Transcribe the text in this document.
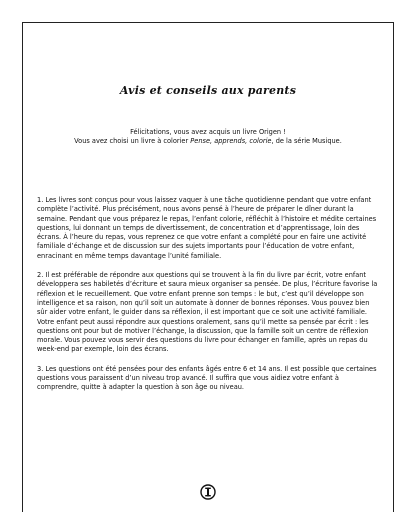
Avis et conseils aux parents

Félicitations, vous avez acquis un livre Origen !

Vous avez choisi un livre à colorier Pense, apprends, colorie, de la série Musique.

1. Les livres sont conçus pour vous laissez vaquer à une tâche quotidienne pendant que votre enfant complète l’activité. Plus précisément, nous avons pensé à l’heure de préparer le dîner durant la semaine. Pendant que vous préparez le repas, l’enfant colorie, réfléchit à l’histoire et médite certaines questions, lui donnant un temps de divertissement, de concentration et d’apprentissage, loin des écrans. À l’heure du repas, vous reprenez ce que votre enfant a complété pour en faire une activité familiale d’échange et de discussion sur des sujets importants pour l’éducation de votre enfant, enracinant en même temps davantage l’unité familiale.

2. Il est préférable de répondre aux questions qui se trouvent à la fin du livre par écrit, votre enfant développera ses habiletés d’écriture et saura mieux organiser sa pensée. De plus, l’écriture favorise la réflexion et le recueillement. Que votre enfant prenne son temps : le but, c’est qu’il développe son intelligence et sa raison, non qu’il soit un automate à donner de bonnes réponses. Vous pouvez bien sûr aider votre enfant, le guider dans sa réflexion, il est important que ce soit une activité familiale. Votre enfant peut aussi répondre aux questions oralement, sans qu’il mette sa pensée par écrit : les questions ont pour but de motiver l’échange, la discussion, que la famille soit un centre de réflexion morale. Vous pouvez vous servir des questions du livre pour échanger en famille, après un repas du week-end par exemple, loin des écrans.

3. Les questions ont été pensées pour des enfants âgés entre 6 et 14 ans. Il est possible que certaines questions vous paraissent d’un niveau trop avancé. Il suffira que vous aidiez votre enfant à comprendre, quitte à adapter la question à son âge ou niveau.
